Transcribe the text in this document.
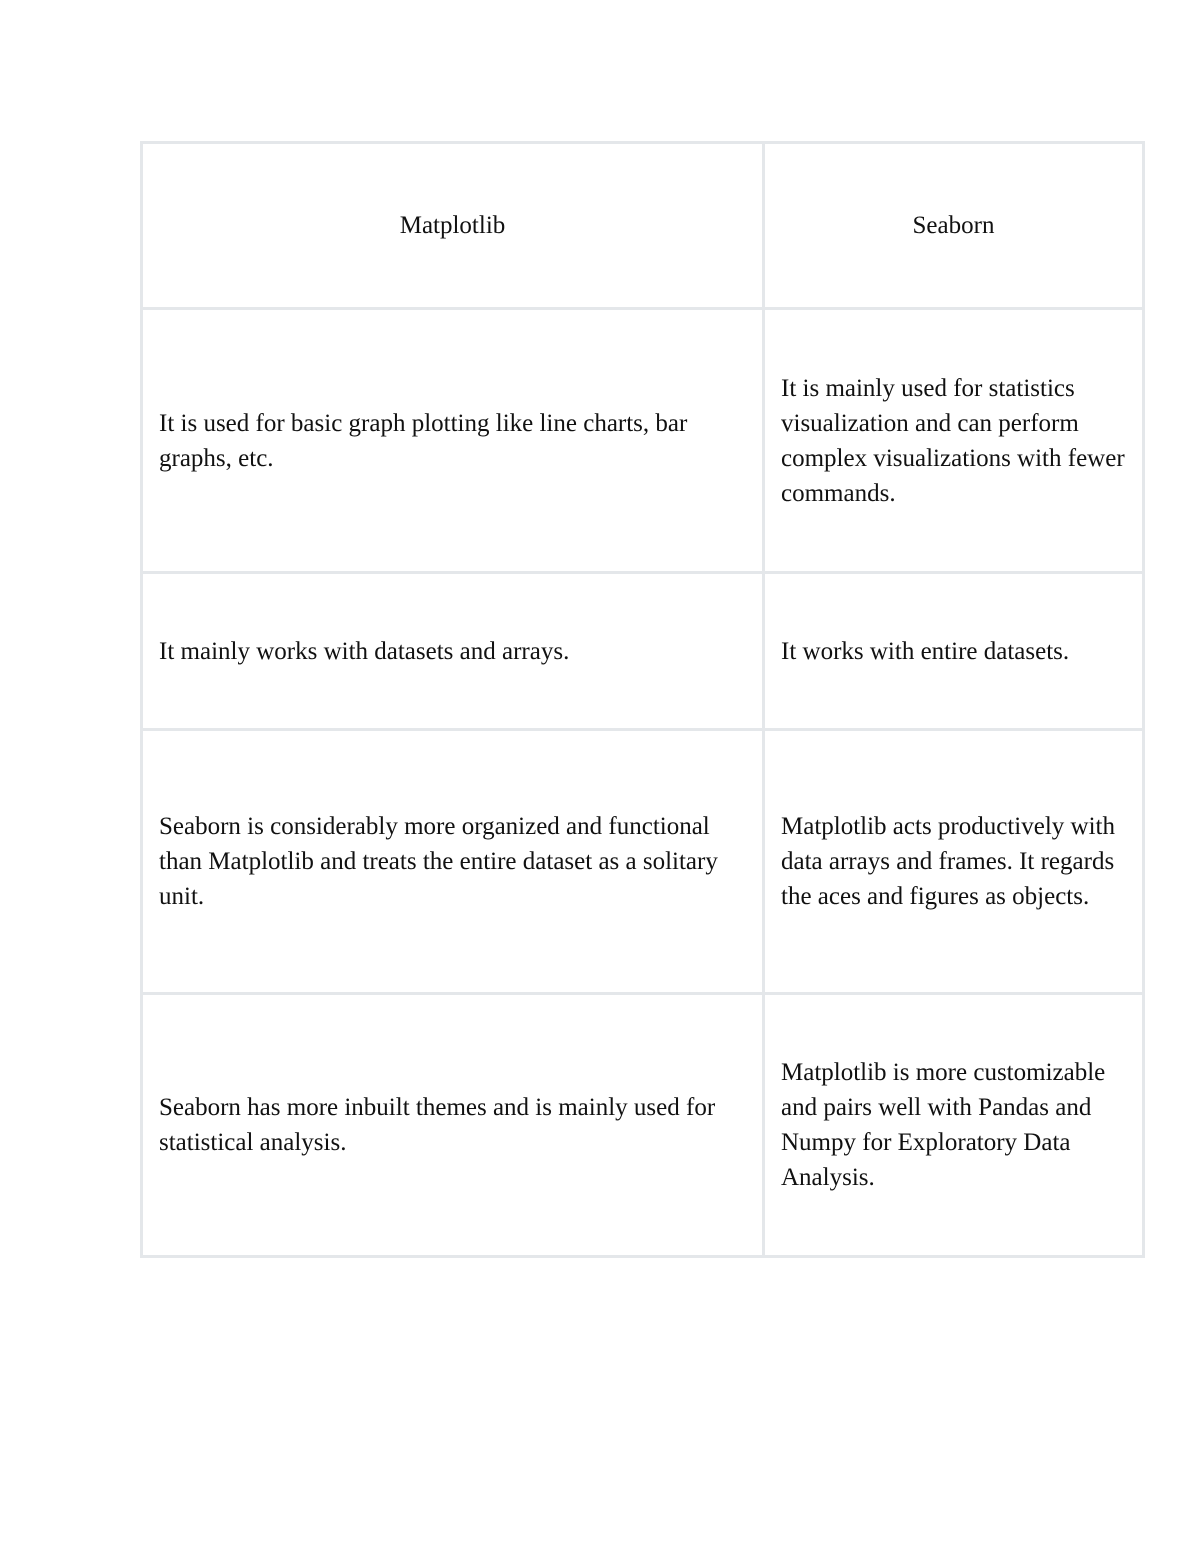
Matplotlib	Seaborn
It is used for basic graph plotting like line charts, bar graphs, etc.	It is mainly used for statistics visualization and can perform complex visualizations with fewer commands.
It mainly works with datasets and arrays.	It works with entire datasets.
Seaborn is considerably more organized and functional than Matplotlib and treats the entire dataset as a solitary unit.	Matplotlib acts productively with data arrays and frames. It regards the aces and figures as objects.
Seaborn has more inbuilt themes and is mainly used for statistical analysis.	Matplotlib is more customizable and pairs well with Pandas and Numpy for Exploratory Data Analysis.
